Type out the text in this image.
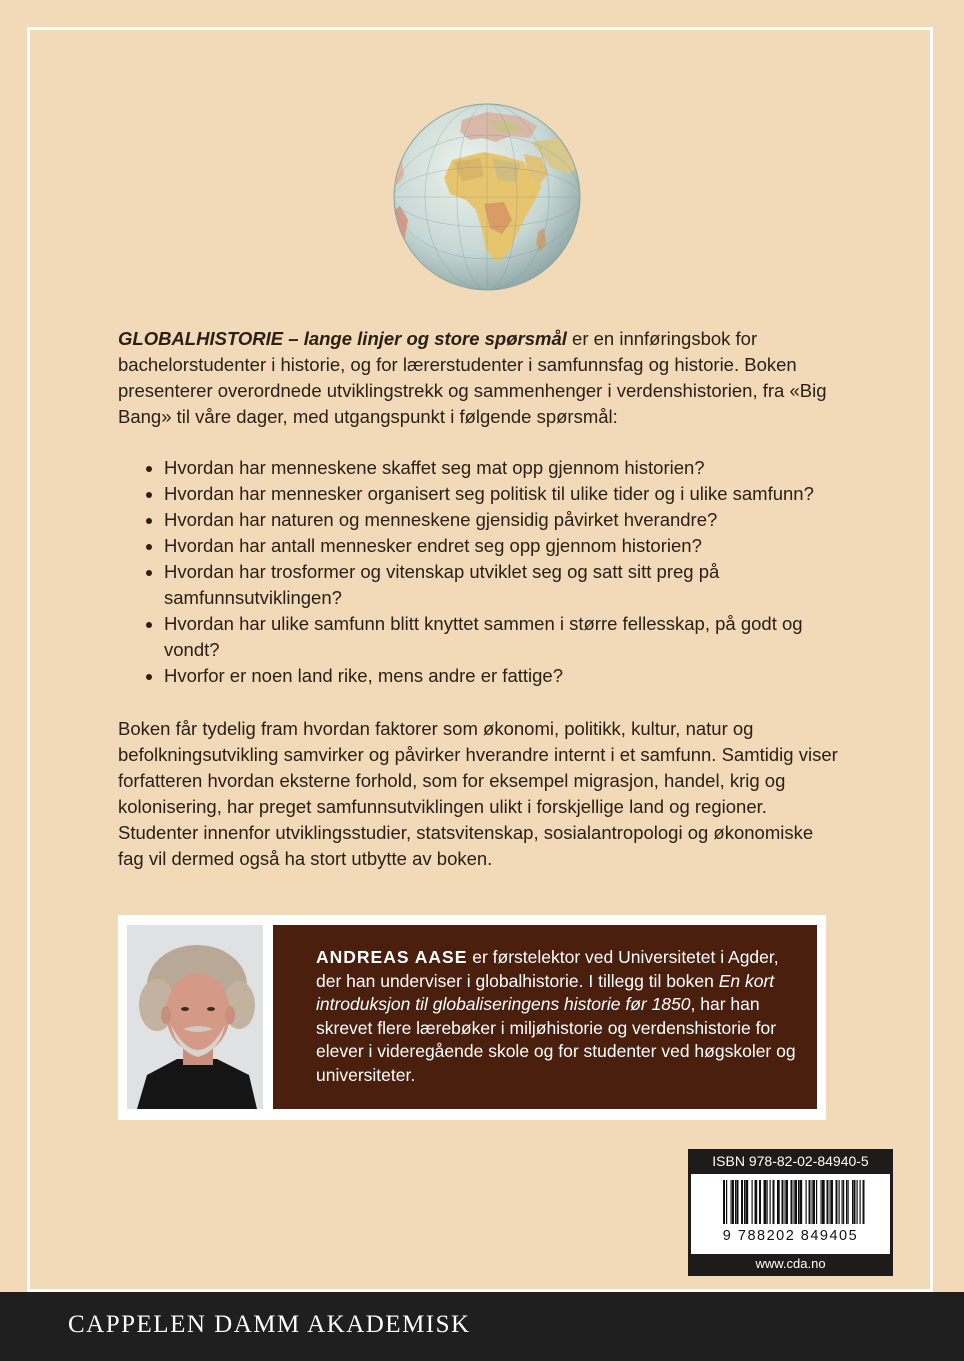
GLOBALHISTORIE – lange linjer og store spørsmål er en innføringsbok for bachelorstudenter i historie, og for lærerstudenter i samfunnsfag og historie. Boken presenterer overordnede utviklingstrekk og sammenhenger i verdenshistorien, fra «Big Bang» til våre dager, med utgangspunkt i følgende spørsmål:

Hvordan har menneskene skaffet seg mat opp gjennom historien?
Hvordan har mennesker organisert seg politisk til ulike tider og i ulike samfunn?
Hvordan har naturen og menneskene gjensidig påvirket hverandre?
Hvordan har antall mennesker endret seg opp gjennom historien?
Hvordan har trosformer og vitenskap utviklet seg og satt sitt preg på samfunnsutviklingen?
Hvordan har ulike samfunn blitt knyttet sammen i større fellesskap, på godt og vondt?
Hvorfor er noen land rike, mens andre er fattige?

Boken får tydelig fram hvordan faktorer som økonomi, politikk, kultur, natur og befolkningsutvikling samvirker og påvirker hverandre internt i et samfunn. Samtidig viser forfatteren hvordan eksterne forhold, som for eksempel migrasjon, handel, krig og kolonisering, har preget samfunnsutviklingen ulikt i forskjellige land og regioner. Studenter innenfor utviklingsstudier, statsvitenskap, sosialantropologi og økonomiske fag vil dermed også ha stort utbytte av boken.

ANDREAS AASE er førstelektor ved Universitetet i Agder, der han underviser i globalhistorie. I tillegg til boken En kort introduksjon til globaliseringens historie før 1850, har han skrevet flere lærebøker i miljøhistorie og verdenshistorie for elever i videregående skole og for studenter ved høgskoler og universiteter.
ISBN 978-82-02-84940-5
9 788202 849405
www.cda.no
CAPPELEN DAMM AKADEMISK
